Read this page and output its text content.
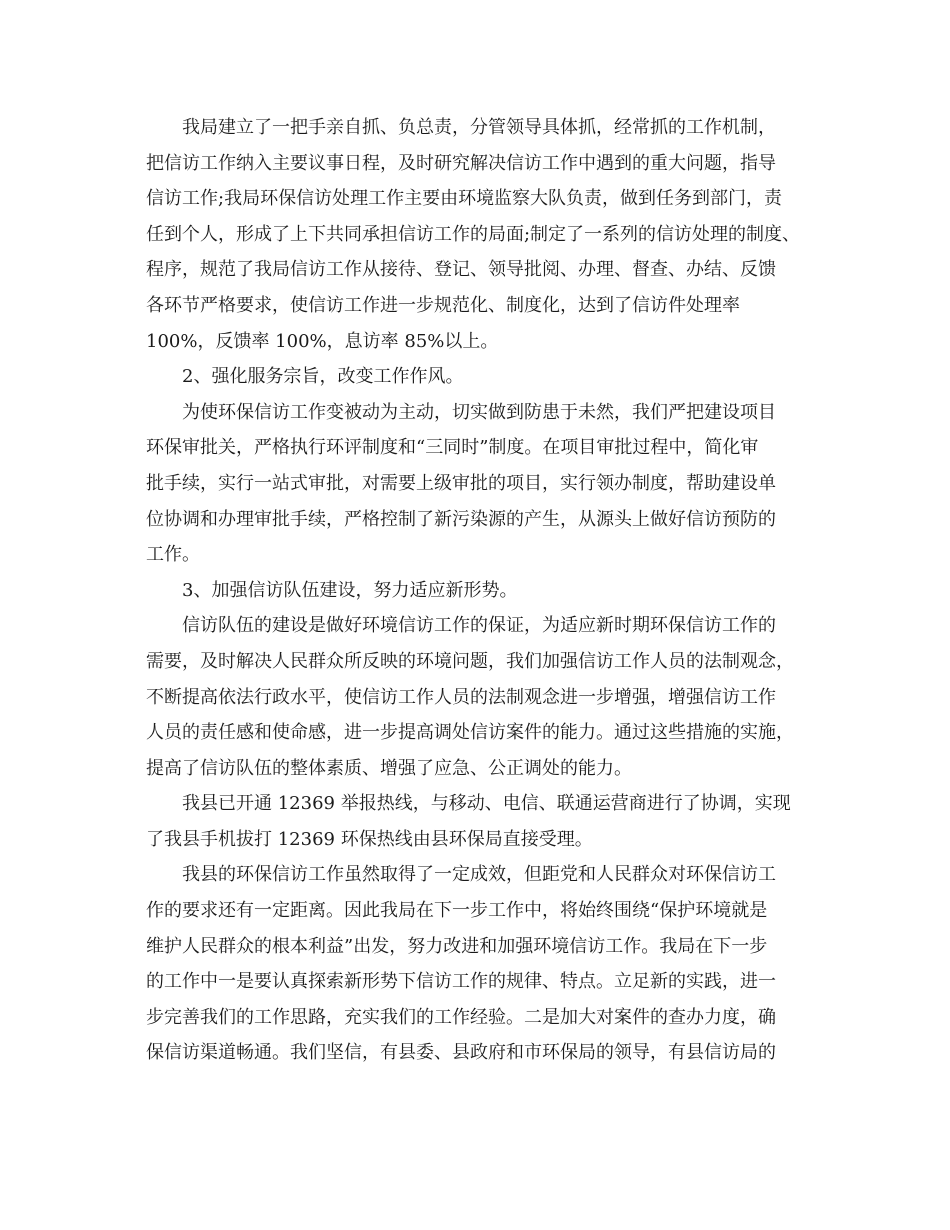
我局建立了一把手亲自抓、负总责，分管领导具体抓，经常抓的工作机制，
把信访工作纳入主要议事日程，及时研究解决信访工作中遇到的重大问题，指导
信访工作;我局环保信访处理工作主要由环境监察大队负责，做到任务到部门，责
任到个人，形成了上下共同承担信访工作的局面;制定了一系列的信访处理的制度、
程序，规范了我局信访工作从接待、登记、领导批阅、办理、督查、办结、反馈
各环节严格要求，使信访工作进一步规范化、制度化，达到了信访件处理率
100%，反馈率 100%，息访率 85%以上。
2、强化服务宗旨，改变工作作风。
为使环保信访工作变被动为主动，切实做到防患于未然，我们严把建设项目
环保审批关，严格执行环评制度和“三同时”制度。在项目审批过程中，简化审
批手续，实行一站式审批，对需要上级审批的项目，实行领办制度，帮助建设单
位协调和办理审批手续，严格控制了新污染源的产生，从源头上做好信访预防的
工作。
3、加强信访队伍建设，努力适应新形势。
信访队伍的建设是做好环境信访工作的保证，为适应新时期环保信访工作的
需要，及时解决人民群众所反映的环境问题，我们加强信访工作人员的法制观念，
不断提高依法行政水平，使信访工作人员的法制观念进一步增强，增强信访工作
人员的责任感和使命感，进一步提高调处信访案件的能力。通过这些措施的实施，
提高了信访队伍的整体素质、增强了应急、公正调处的能力。
我县已开通 12369 举报热线，与移动、电信、联通运营商进行了协调，实现
了我县手机拔打 12369 环保热线由县环保局直接受理。
我县的环保信访工作虽然取得了一定成效，但距党和人民群众对环保信访工
作的要求还有一定距离。因此我局在下一步工作中，将始终围绕“保护环境就是
维护人民群众的根本利益”出发，努力改进和加强环境信访工作。我局在下一步
的工作中一是要认真探索新形势下信访工作的规律、特点。立足新的实践，进一
步完善我们的工作思路，充实我们的工作经验。二是加大对案件的查办力度，确
保信访渠道畅通。我们坚信，有县委、县政府和市环保局的领导，有县信访局的
